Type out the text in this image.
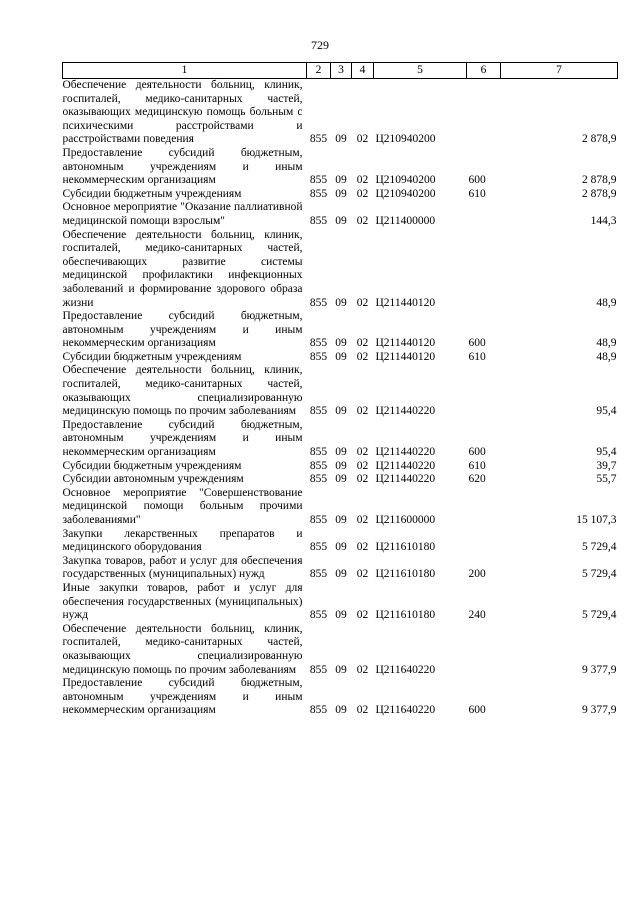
729
1	2	3	4	5	6	7
Обеспечение деятельности больниц, клиник, госпиталей, медико-санитарных частей, оказывающих медицинскую помощь больным с психическими расстройствами и расстройствами поведения	855	09	02	Ц210940200		2 878,9
Предоставление субсидий бюджетным, автономным учреждениям и иным некоммерческим организациям	855	09	02	Ц210940200	600	2 878,9
Субсидии бюджетным учреждениям	855	09	02	Ц210940200	610	2 878,9
Основное мероприятие "Оказание паллиативной медицинской помощи взрослым"	855	09	02	Ц211400000		144,3
Обеспечение деятельности больниц, клиник, госпиталей, медико-санитарных частей, обеспечивающих развитие системы медицинской профилактики инфекционных заболеваний и формирование здорового образа жизни	855	09	02	Ц211440120		48,9
Предоставление субсидий бюджетным, автономным учреждениям и иным некоммерческим организациям	855	09	02	Ц211440120	600	48,9
Субсидии бюджетным учреждениям	855	09	02	Ц211440120	610	48,9
Обеспечение деятельности больниц, клиник, госпиталей, медико-санитарных частей, оказывающих специализированную медицинскую помощь по прочим заболеваниям	855	09	02	Ц211440220		95,4
Предоставление субсидий бюджетным, автономным учреждениям и иным некоммерческим организациям	855	09	02	Ц211440220	600	95,4
Субсидии бюджетным учреждениям	855	09	02	Ц211440220	610	39,7
Субсидии автономным учреждениям	855	09	02	Ц211440220	620	55,7
Основное мероприятие "Совершенствование медицинской помощи больным прочими заболеваниями"	855	09	02	Ц211600000		15 107,3
Закупки лекарственных препаратов и медицинского оборудования	855	09	02	Ц211610180		5 729,4
Закупка товаров, работ и услуг для обеспечения государственных (муниципальных) нужд	855	09	02	Ц211610180	200	5 729,4
Иные закупки товаров, работ и услуг для обеспечения государственных (муниципальных) нужд	855	09	02	Ц211610180	240	5 729,4
Обеспечение деятельности больниц, клиник, госпиталей, медико-санитарных частей, оказывающих специализированную медицинскую помощь по прочим заболеваниям	855	09	02	Ц211640220		9 377,9
Предоставление субсидий бюджетным, автономным учреждениям и иным некоммерческим организациям	855	09	02	Ц211640220	600	9 377,9
